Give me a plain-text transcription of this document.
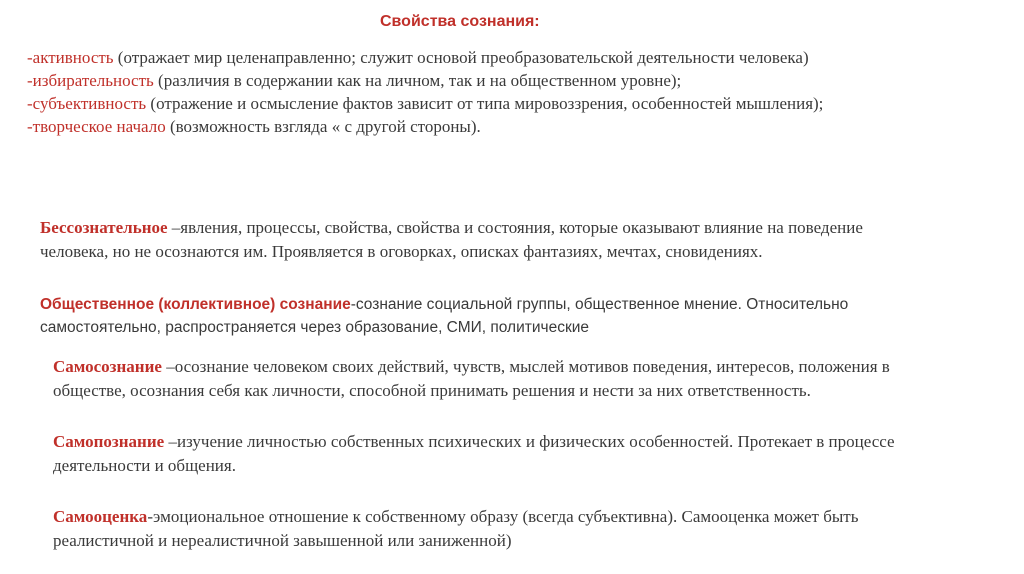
Свойства сознания:

-активность (отражает мир целенаправленно; служит основой преобразовательской деятельности человека)

-избирательность (различия в содержании как на личном, так и на общественном уровне);

-субъективность (отражение и осмысление фактов зависит от типа мировоззрения, особенностей мышления);

-творческое начало (возможность взгляда « с другой стороны).

Бессознательное –явления, процессы, свойства, свойства и состояния, которые оказывают влияние на поведение человека, но не осознаются им. Проявляется в оговорках, описках фантазиях, мечтах, сновидениях.

Общественное (коллективное) сознание-сознание социальной группы, общественное мнение. Относительно самостоятельно, распространяется через образование, СМИ, политические

Самосознание –осознание человеком своих действий, чувств, мыслей мотивов поведения, интересов, положения в обществе, осознания себя как личности, способной принимать решения и нести за них ответственность.

Самопознание –изучение личностью собственных психических и физических особенностей. Протекает в процессе деятельности и общения.

Самооценка-эмоциональное отношение к собственному образу (всегда субъективна). Самооценка может быть реалистичной и нереалистичной завышенной или заниженной)
